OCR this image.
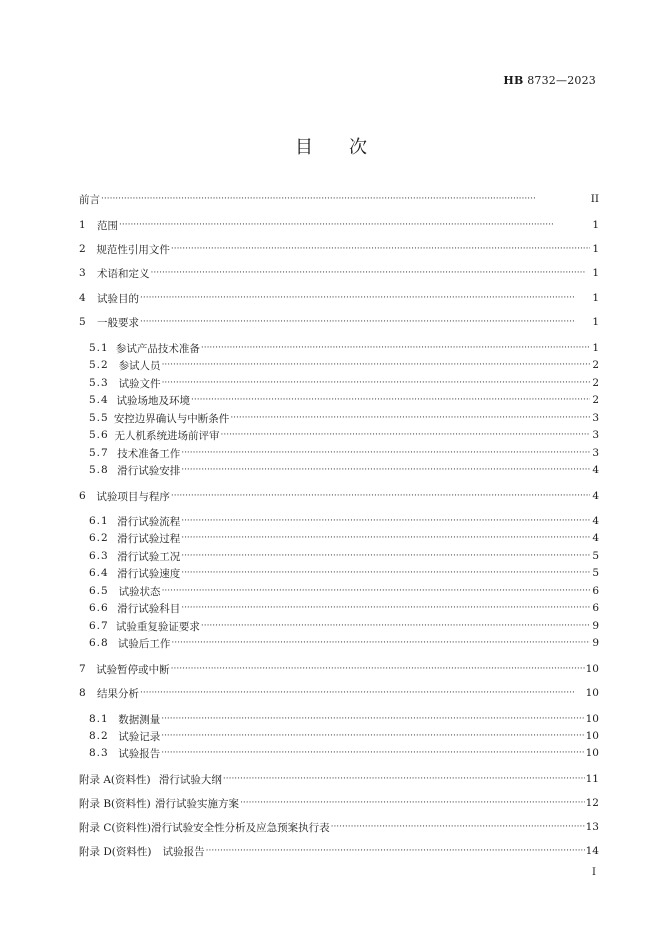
HB 8732—2023
目 次
前言 ·····	II
1	范围 ·····	1
2	规范性引用文件 ·····	1
3	术语和定义 ·····	1
4	试验目的 ·····	1
5	一般要求 ·····	1
5.1 参试产品技术准备 ·····	1
5.2 参试人员 ·····	2
5.3 试验文件 ·····	2
5.4 试验场地及环境 ·····	2
5.5 安控边界确认与中断条件 ·····	3
5.6 无人机系统进场前评审 ·····	3
5.7 技术准备工作 ·····	3
5.8 滑行试验安排 ·····	4
6	试验项目与程序 ·····	4
6.1 滑行试验流程 ·····	4
6.2 滑行试验过程 ·····	4
6.3 滑行试验工况 ·····	5
6.4 滑行试验速度 ·····	5
6.5 试验状态 ·····	6
6.6 滑行试验科目 ·····	6
6.7 试验重复验证要求 ·····	9
6.8 试验后工作 ·····	9
7 试验暂停或中断 ·····	10
8	结果分析 ·····	10
8.1 数据测量 ·····	10
8.2 试验记录 ·····	10
8.3 试验报告 ·····	10
附录 A(资料性) 滑行试验大纲 ·····	11
附录 B(资料性) 滑行试验实施方案 ·····	12
附录 C(资料性) 滑行试验安全性分析及应急预案执行表 ·····	13
附录 D(资料性)	试验报告 ·····	14
I
